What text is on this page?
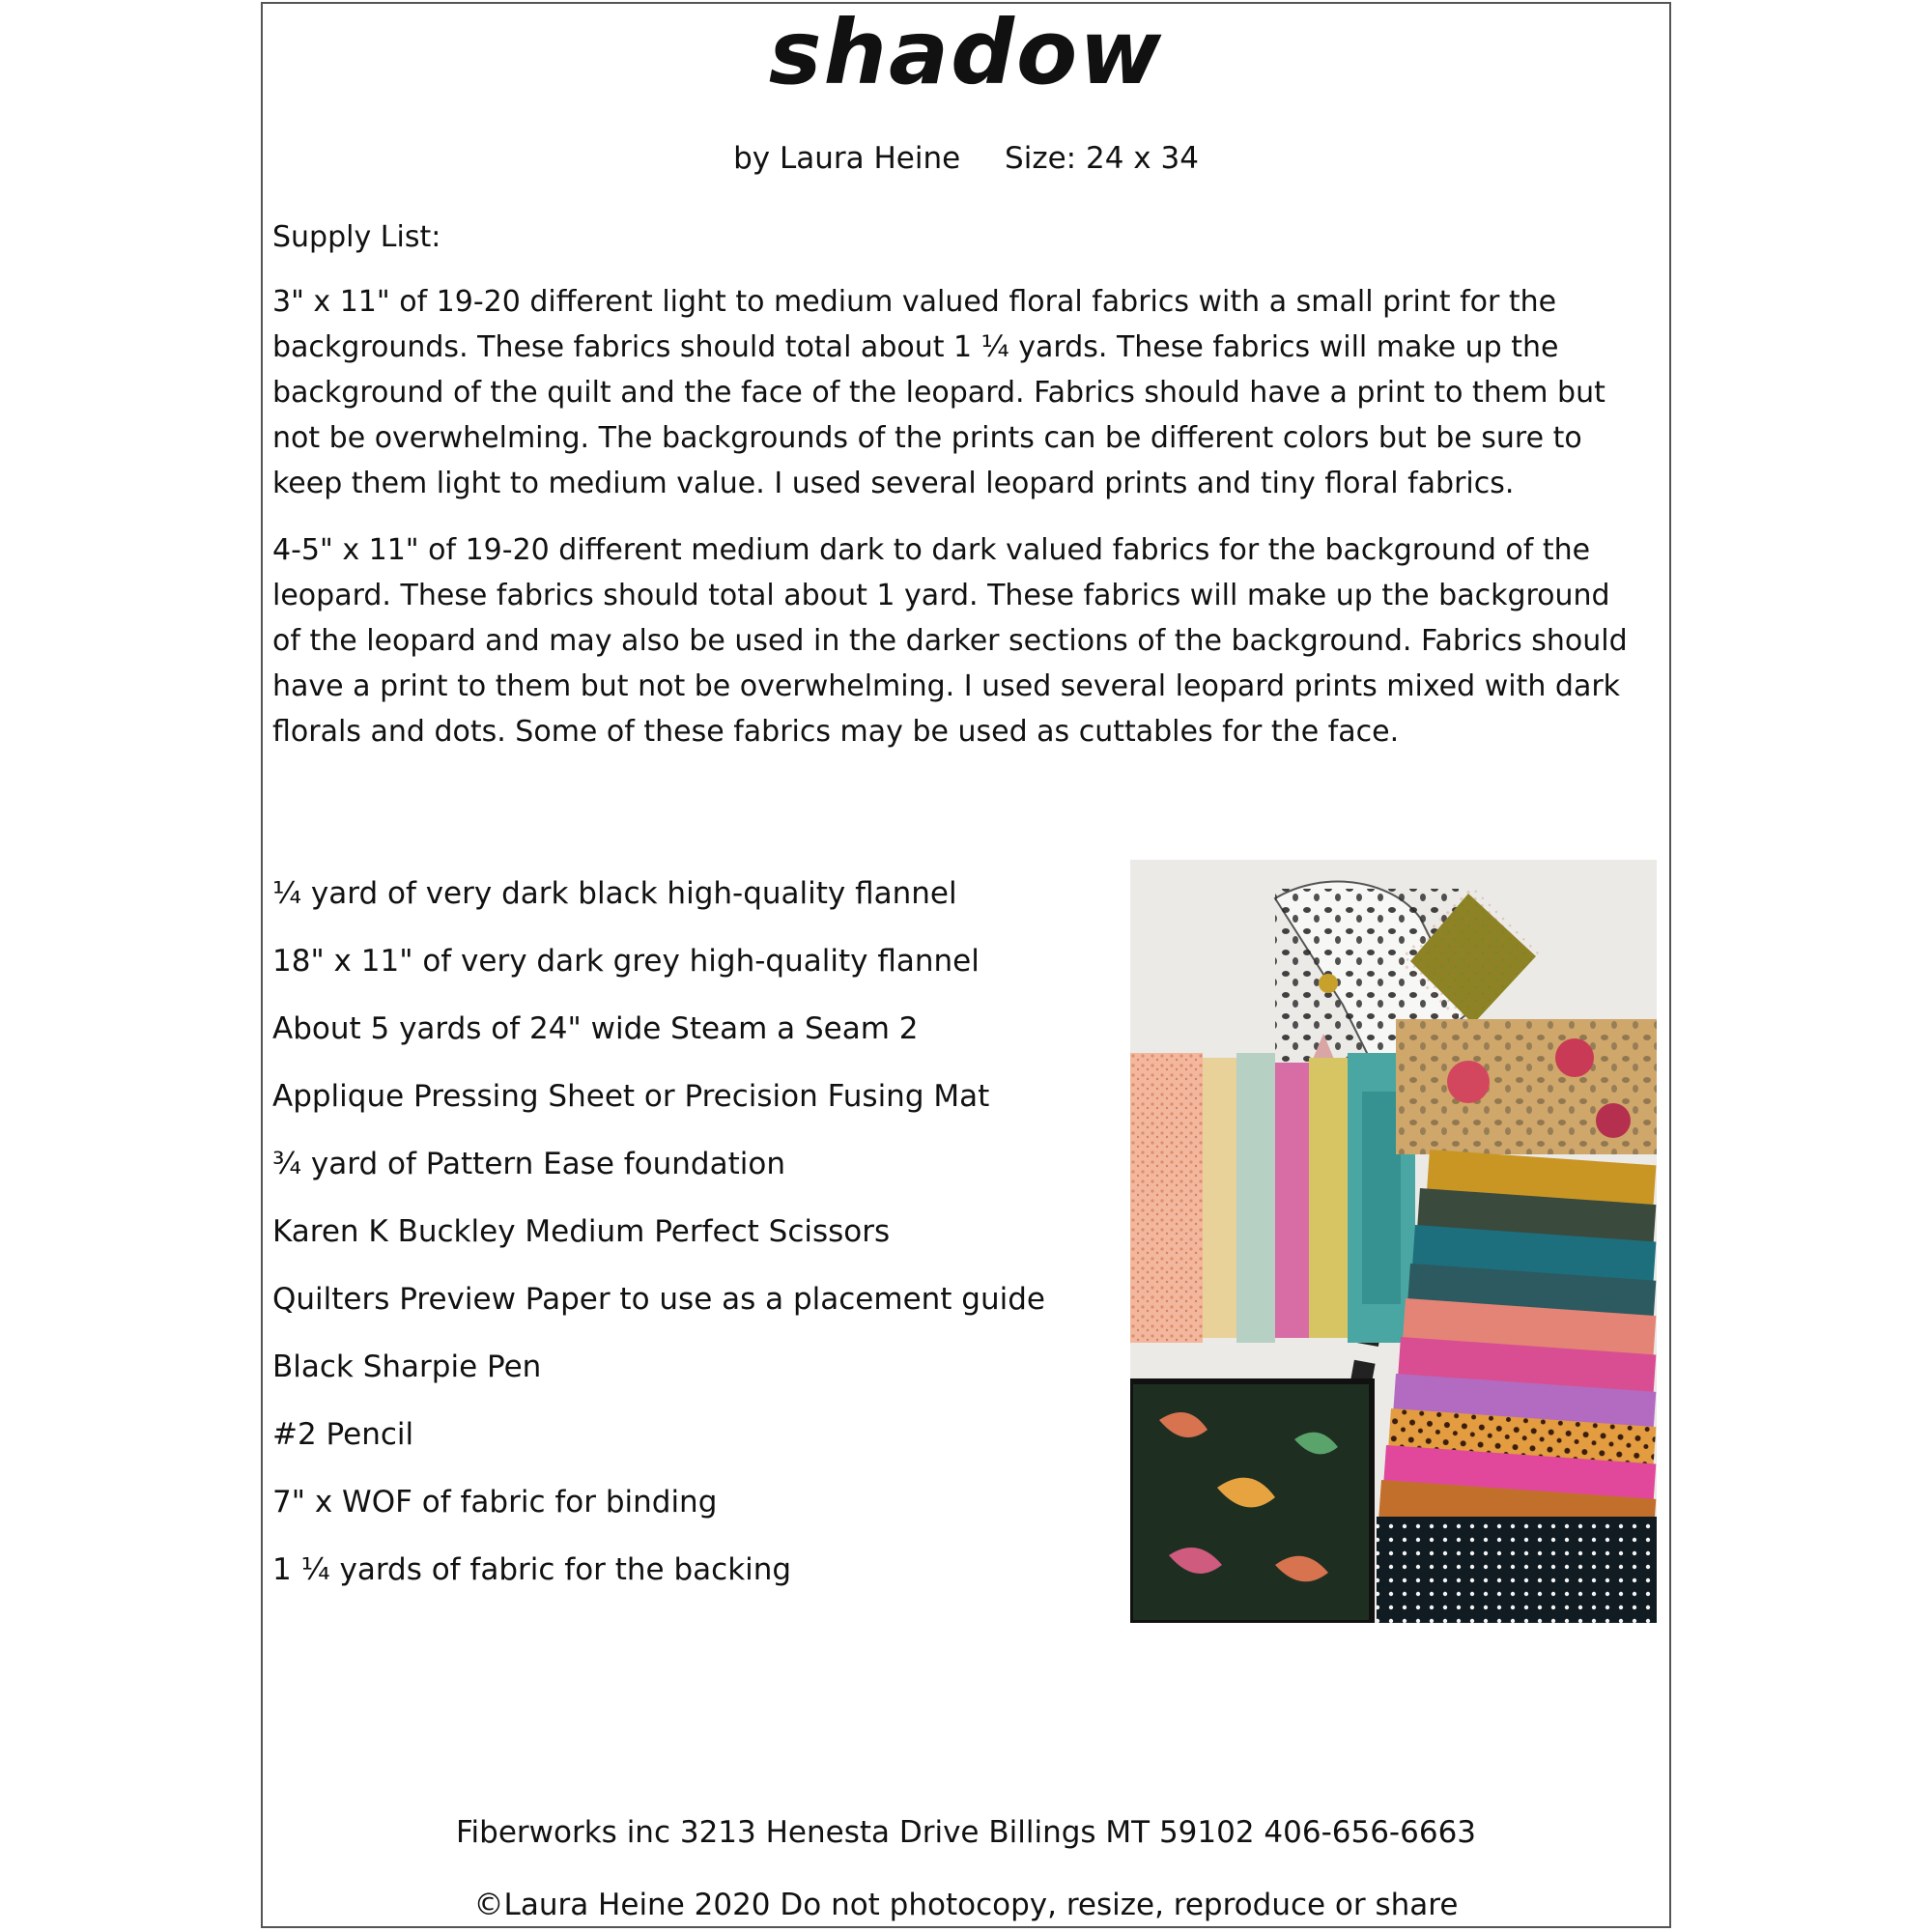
shadow
by Laura Heine Size: 24 x 34

Supply List:

3" x 11" of 19-20 different light to medium valued floral fabrics with a small print for the backgrounds. These fabrics should total about 1 ¼ yards. These fabrics will make up the background of the quilt and the face of the leopard. Fabrics should have a print to them but not be overwhelming. The backgrounds of the prints can be different colors but be sure to keep them light to medium value. I used several leopard prints and tiny floral fabrics.

4-5" x 11" of 19-20 different medium dark to dark valued fabrics for the background of the leopard. These fabrics should total about 1 yard. These fabrics will make up the background of the leopard and may also be used in the darker sections of the background. Fabrics should have a print to them but not be overwhelming. I used several leopard prints mixed with dark florals and dots. Some of these fabrics may be used as cuttables for the face.

¼ yard of very dark black high-quality flannel
18" x 11" of very dark grey high-quality flannel
About 5 yards of 24" wide Steam a Seam 2
Applique Pressing Sheet or Precision Fusing Mat
¾ yard of Pattern Ease foundation
Karen K Buckley Medium Perfect Scissors
Quilters Preview Paper to use as a placement guide
Black Sharpie Pen
#2 Pencil
7" x WOF of fabric for binding
1 ¼ yards of fabric for the backing
Fiberworks inc 3213 Henesta Drive Billings MT 59102 406-656-6663
©Laura Heine 2020 Do not photocopy, resize, reproduce or share
